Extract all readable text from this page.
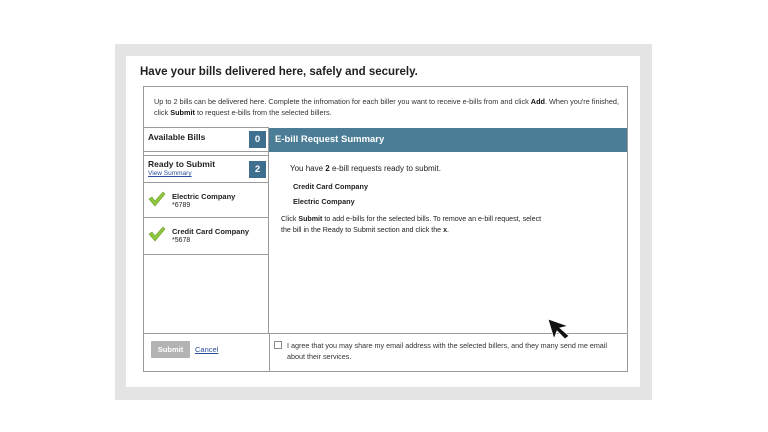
Have your bills delivered here, safely and securely.
Up to 2 bills can be delivered here. Complete the infromation for each biller you want to receive e-bills from and click Add. When you're finished, click Submit to request e-bills from the selected billers.
Available Bills	0
Ready to Submit
View Summary	2
Electric Company
*6789
Credit Card Company
*5678
E-bill Request Summary
You have 2 e-bill requests ready to submit.
Credit Card Company
Electric Company
Click Submit to add e-bills for the selected bills. To remove an e-bill request, select the bill in the Ready to Submit section and click the x.
Submit	Cancel	I agree that you may share my email address with the selected billers, and they many send me email about their services.
